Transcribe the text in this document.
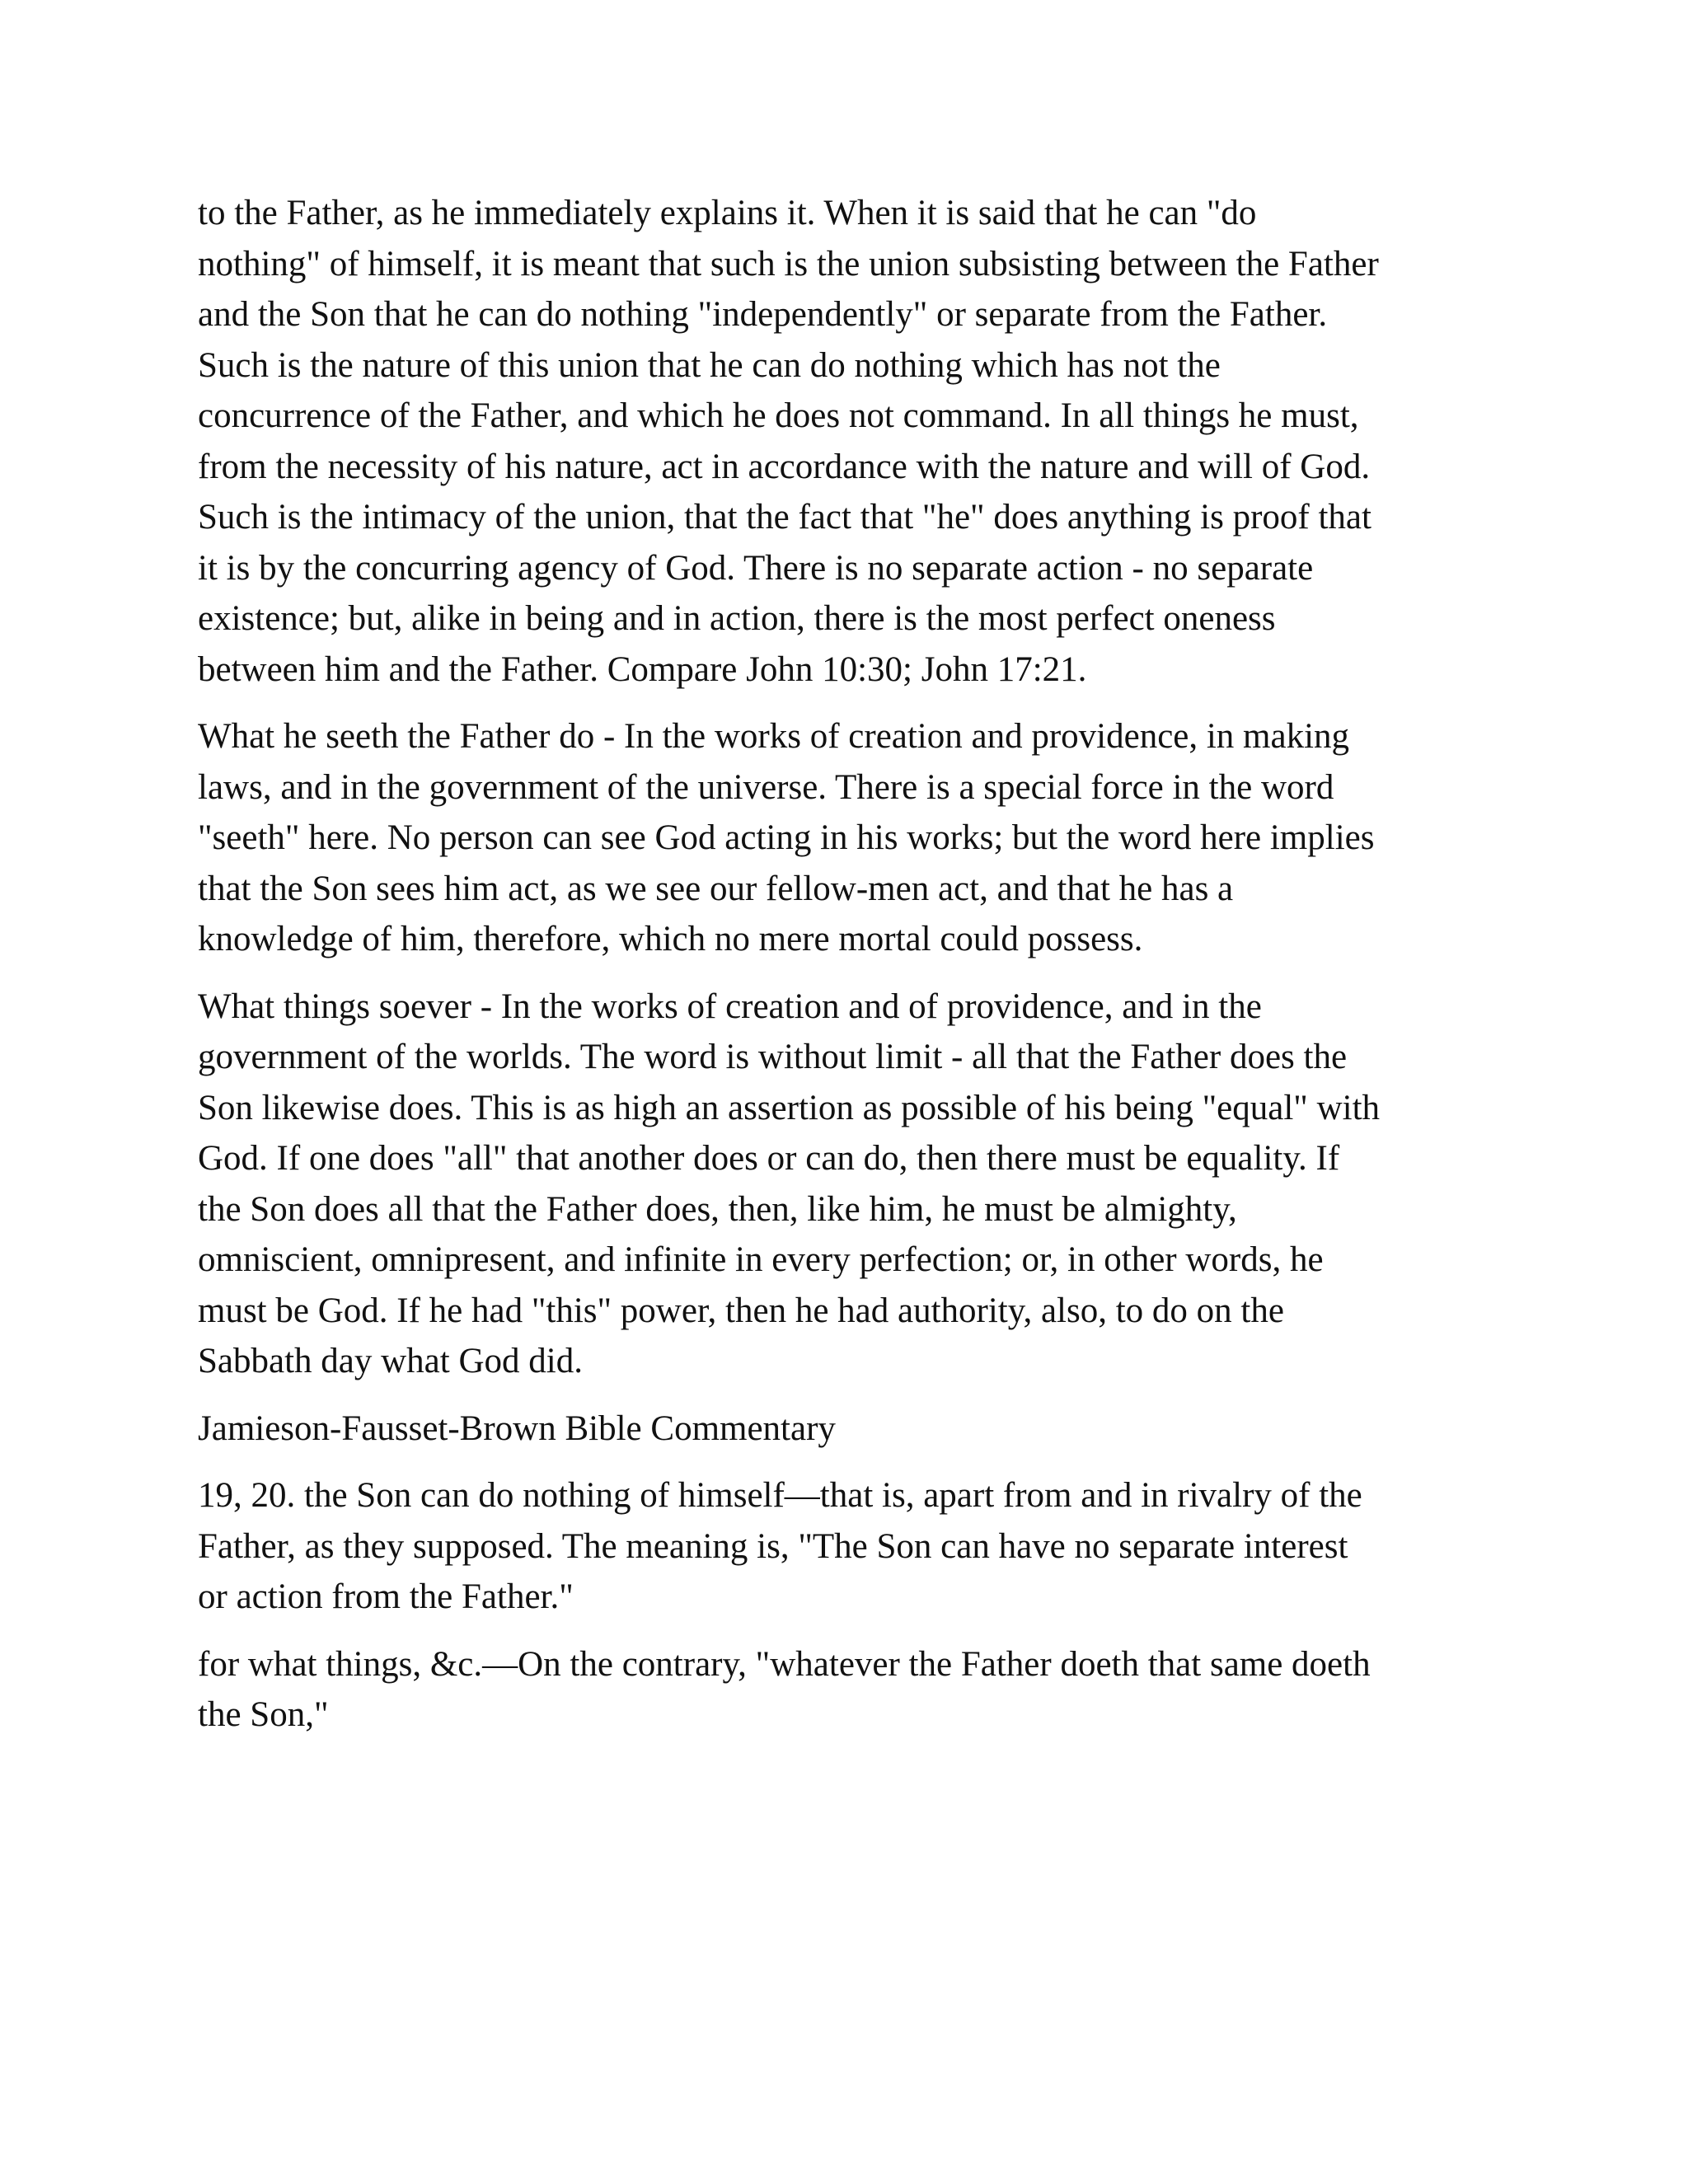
to the Father, as he immediately explains it. When it is said that he can "do
nothing" of himself, it is meant that such is the union subsisting between the Father
and the Son that he can do nothing "independently" or separate from the Father.
Such is the nature of this union that he can do nothing which has not the
concurrence of the Father, and which he does not command. In all things he must,
from the necessity of his nature, act in accordance with the nature and will of God.
Such is the intimacy of the union, that the fact that "he" does anything is proof that
it is by the concurring agency of God. There is no separate action - no separate
existence; but, alike in being and in action, there is the most perfect oneness
between him and the Father. Compare John 10:30; John 17:21.
What he seeth the Father do - In the works of creation and providence, in making
laws, and in the government of the universe. There is a special force in the word
"seeth" here. No person can see God acting in his works; but the word here implies
that the Son sees him act, as we see our fellow-men act, and that he has a
knowledge of him, therefore, which no mere mortal could possess.
What things soever - In the works of creation and of providence, and in the
government of the worlds. The word is without limit - all that the Father does the
Son likewise does. This is as high an assertion as possible of his being "equal" with
God. If one does "all" that another does or can do, then there must be equality. If
the Son does all that the Father does, then, like him, he must be almighty,
omniscient, omnipresent, and infinite in every perfection; or, in other words, he
must be God. If he had "this" power, then he had authority, also, to do on the
Sabbath day what God did.
Jamieson-Fausset-Brown Bible Commentary
19, 20. the Son can do nothing of himself—that is, apart from and in rivalry of the
Father, as they supposed. The meaning is, "The Son can have no separate interest
or action from the Father."
for what things, &c.—On the contrary, "whatever the Father doeth that same doeth
the Son,"
